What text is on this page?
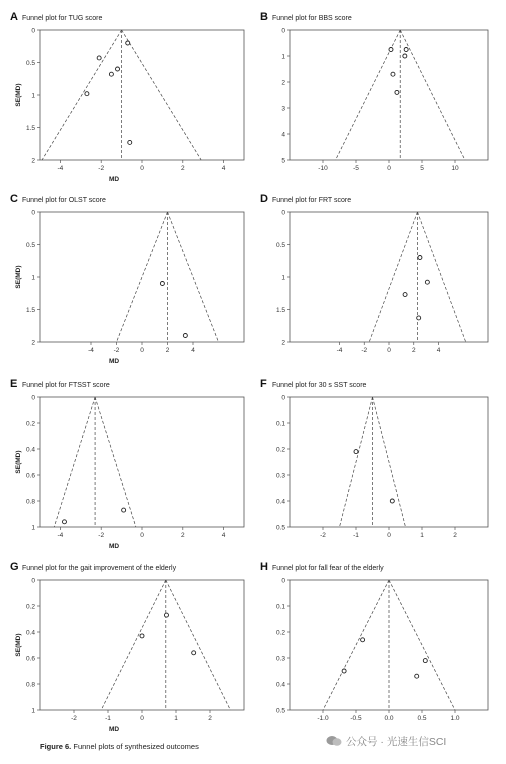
A Funnel plot for TUG score
-4	-2	0	2	4
0
0.5
1
1.5
2
MD
SE(MD)
B Funnel plot for BBS score
-10	-5	0	5	10
0
1
2
3
4
5
C Funnel plot for OLST score
-4	-2	0	2	4
0
0.5
1
1.5
2
MD
SE(MD)
D Funnel plot for FRT score
-4	-2	0	2	4
0
0.5
1
1.5
2
E Funnel plot for FTSST score
-4	-2	0	2	4
0
0.2
0.4
0.6
0.8
1
MD
SE(MD)
F Funnel plot for 30 s SST score
-2	-1	0	1	2
0
0.1
0.2
0.3
0.4
0.5
G Funnel plot for the gait improvement of the elderly
-2	-1	0	1	2
0
0.2
0.4
0.6
0.8
1
MD
SE(MD)
H Funnel plot for fall fear of the elderly
-1.0	-0.5	0.0	0.5	1.0
0
0.1
0.2
0.3
0.4
0.5
公众号 · 光速生信SCI
Figure 6. Funnel plots of synthesized outcomes
